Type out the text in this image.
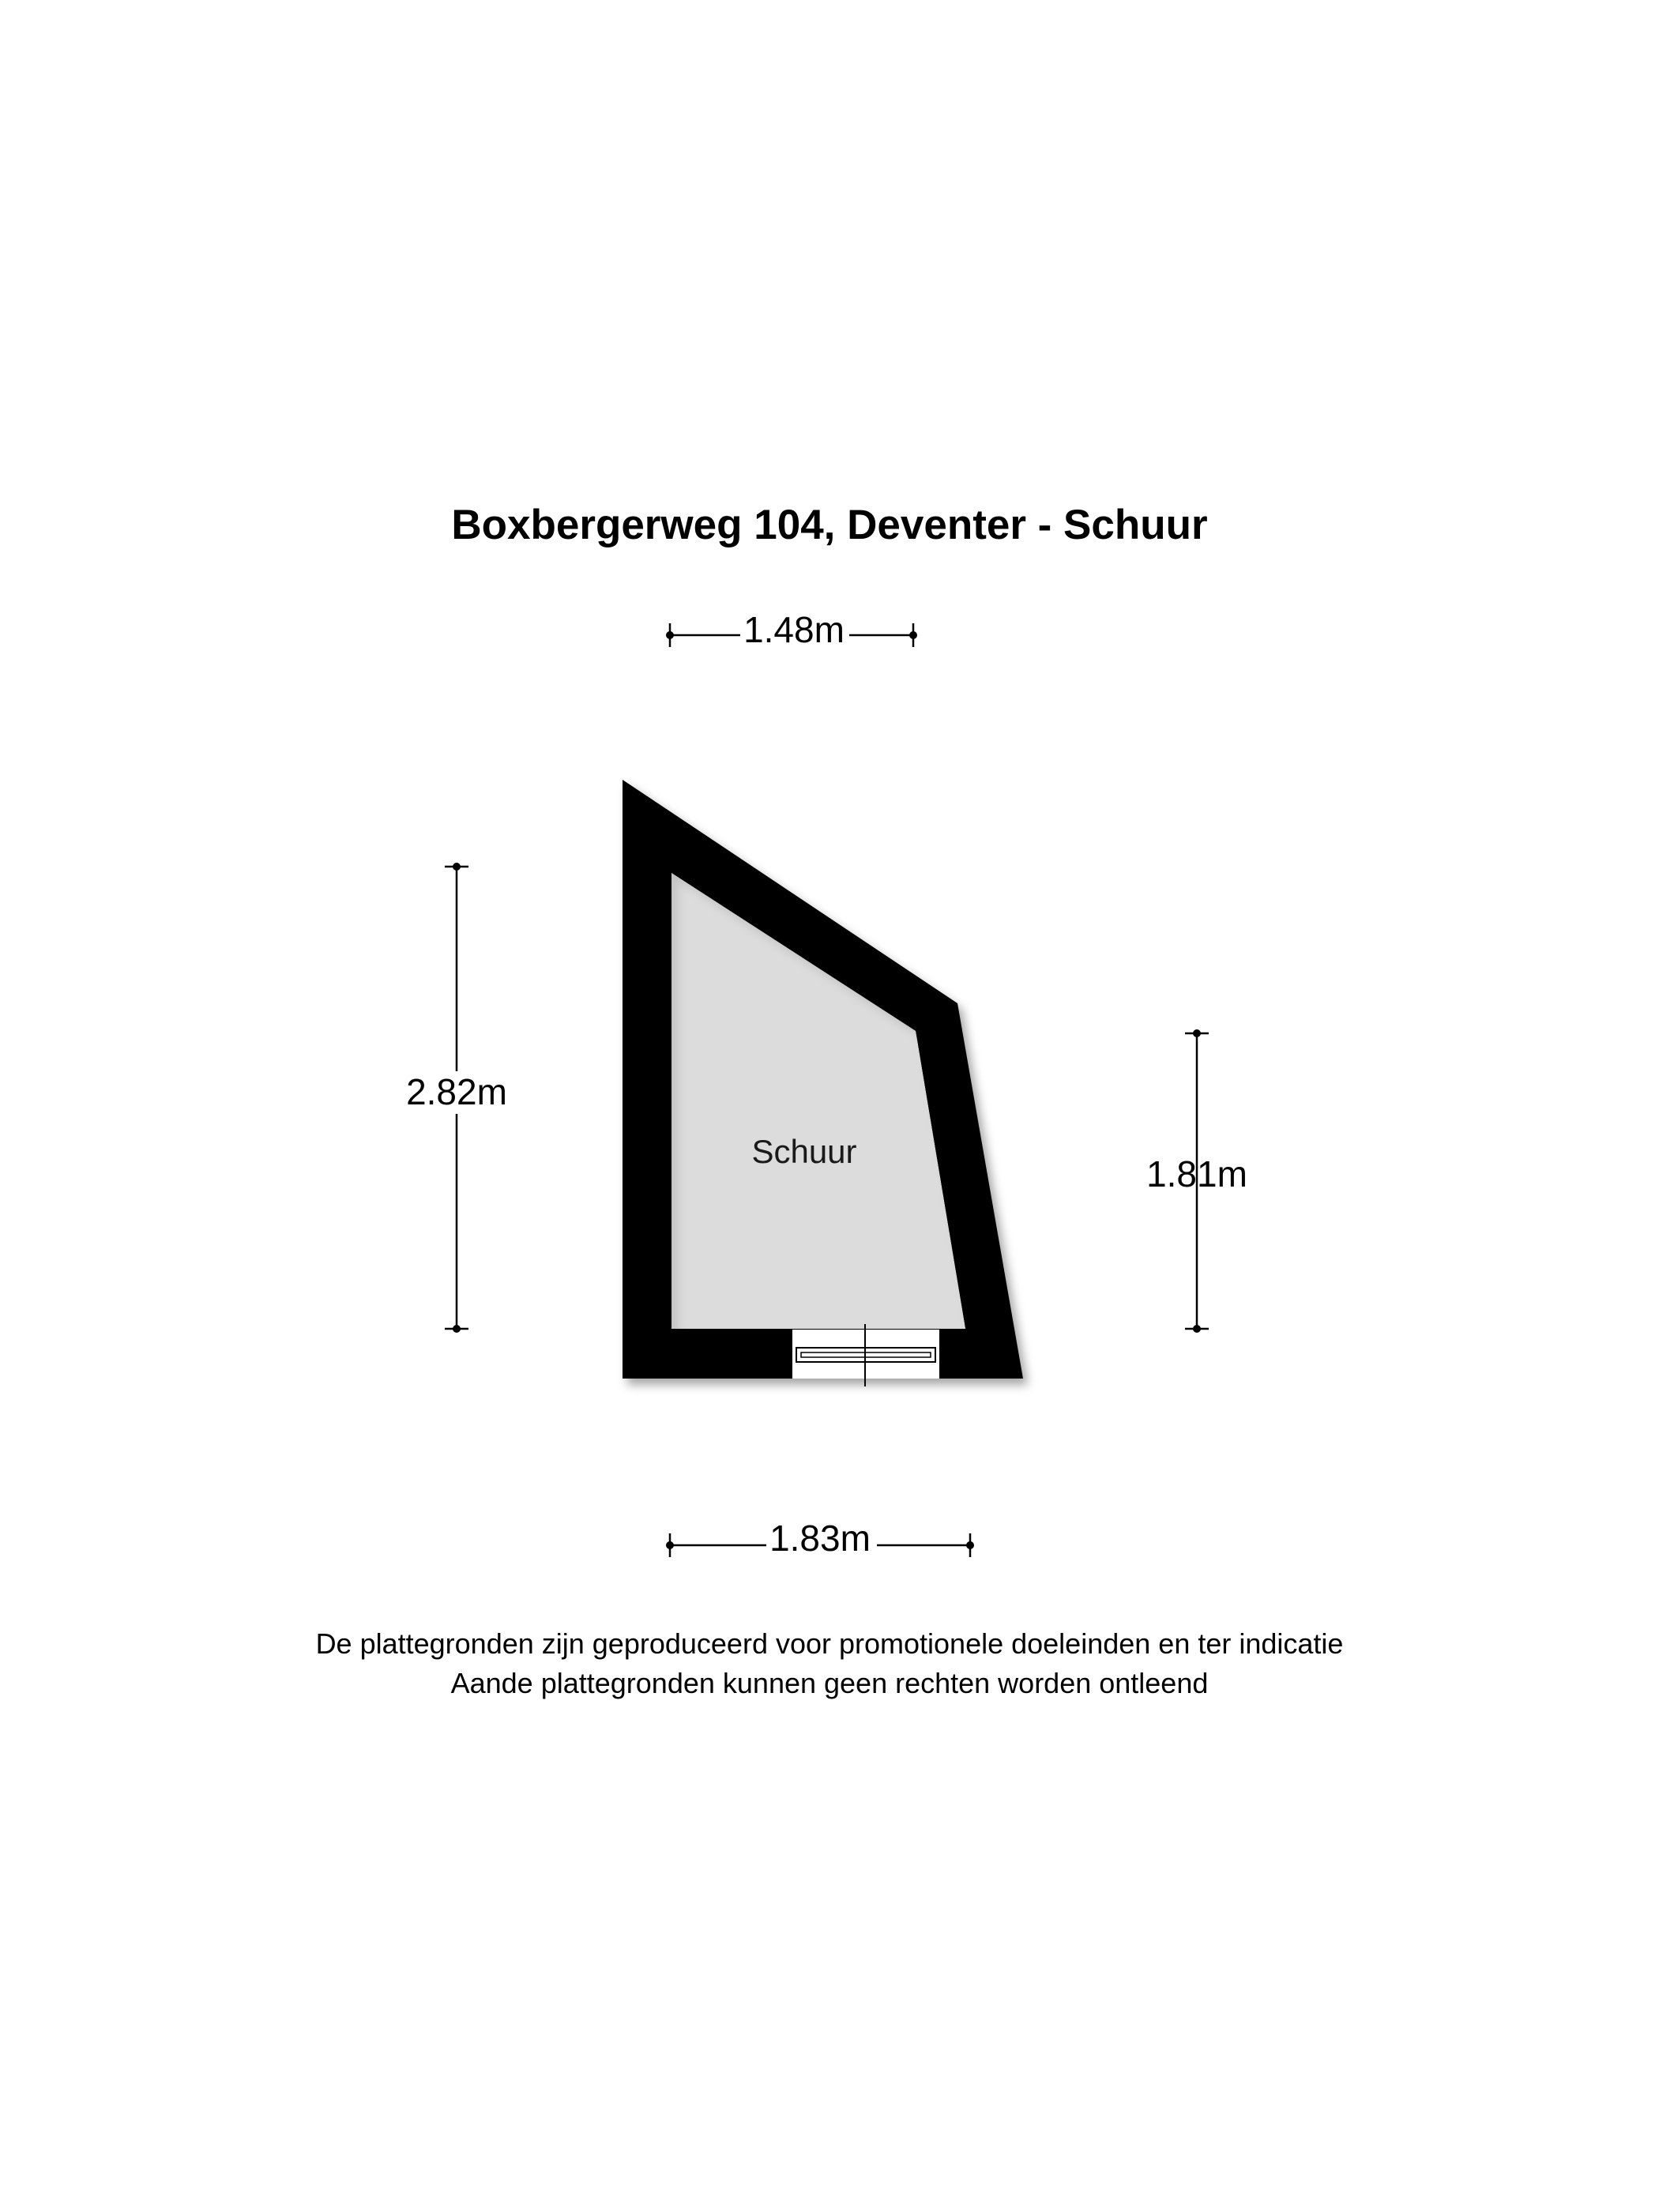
Boxbergerweg 104, Deventer - Schuur
Schuur
1.48m
2.82m
1.81m
1.83m

De plattegronden zijn geproduceerd voor promotionele doeleinden en ter indicatie

Aande plattegronden kunnen geen rechten worden ontleend
